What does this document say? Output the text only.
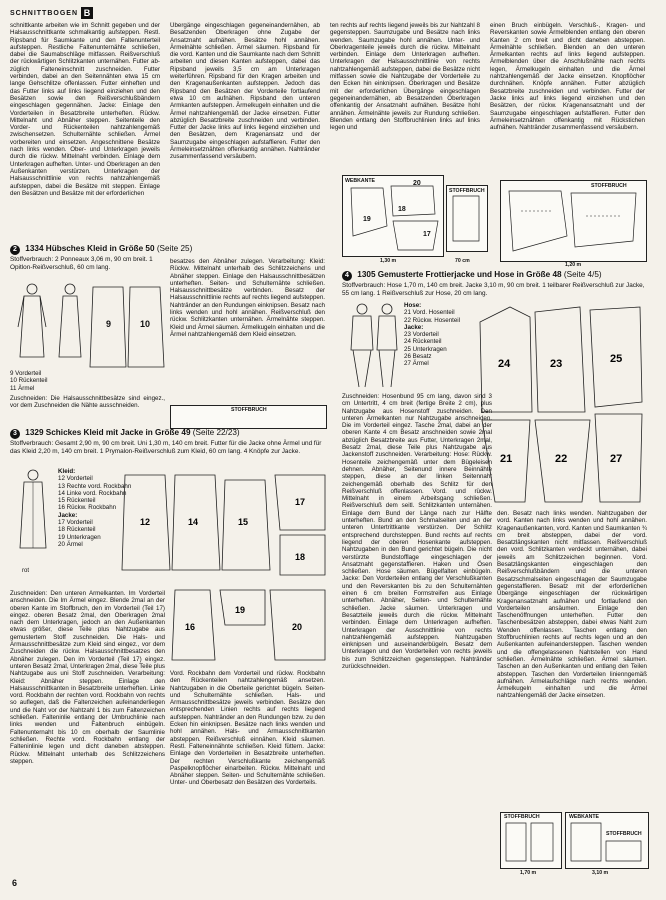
SCHNITTBOGEN B
schnittkante arbeiten wie im Schnitt gegeben und der Halsausschnittkante schmalkantig aufsteppen. Restl. Ripsband für Saumkante und den Faltenunterteil aufsteppen. Restliche Faltenunternähte schließen, dabei die Saumabschläge mitfassen. Reißverschluß der rückwärtigen Schlitzkanten unternähen. Futter ab-züglich Falteneinschnitt zuschneiden. Futter verbinden, dabei an den Seitennähten etwa 15 cm lange Gehschlitze offenlassen. Futter einheften und das Futter links auf links liegend einziehen und den Besätzen sowie den Reißverschlußbändern eingeschlagen gegennähen. Jacke: Einlage den Vorderteilen in Besatzbreite unterheften. Rückw. Mittelnaht und Abnäher steppen. Seitenteile den Vorder- und Rückenteilen nahtzahlengemäß zwischensetzen. Schulternähte schließen. Ärmel vorbereiten und einsetzen. Angeschnittene Besätze nach links wenden. Ober- und Unterkragen jeweils durch die rückw. Mittelnaht verbinden. Einlage dem Unterkragen aufheften. Unter- und Oberkragen an den Außenkanten verstürzen. Unterkragen der Halsausschnittlinie von rechts nahtzahlengemäß aufsteppen, dabei die Besätze mit steppen. Einlage den Besätzen und Besätze mit der erforderlichen
Übergänge eingeschlagen gegeneinandernähen, ab Besatzenden Oberkragen ohne Zugabe der Ansatznaht aufnähen. Besätze hohl annähen. Ärmelnähte schließen. Ärmel säumen. Ripsband für die vord. Kanten und die Saumkante nach dem Schnitt arbeiten und diesen Kanten aufsteppen, dabei das Ripsband jeweils 3,5 cm am Unterkragen weiterführen. Ripsband für den Kragen arbeiten und den Kragenaußenkanten aufsteppen. Jedoch das Ripsband den Besätzen der Vorderteile fortlaufend etwa 10 cm aufnähen. Ripsband den unteren Armkanten aufsteppen. Ärmelkugeln einhalten und die Ärmel nahtzahlengemäß der Jacke einsetzen. Futter abzüglich Besatzbreite zuschneiden und verbinden. Futter der Jacke links auf links liegend einziehen und den Besätzen, dem Kragenansatz und der Saumzugabe eingeschlagen aufstaffieren. Futter den Ärmeleinsetznähten offenkantig annähen. Nahtränder zusammenfassend versäubern.
ten rechts auf rechts liegend jeweils bis zur Nahtzahl 8 gegensteppen. Saumzugabe und Besätze nach links wenden. Saumzugabe hohl annähen. Unter- und Oberkragenteile jeweils durch die rückw. Mittelnaht verbinden. Einlage dem Unterkragen aufheften. Unterkragen der Halsausschnittlinie von rechts nahtzahlengemäß aufsteppen, dabei die Besätze nicht mitfassen sowie die Nahtzugabe der Vorderteile zu den Ecken hin einknipsen. Oberkragen und Besätze mit der erforderlichen Übergänge eingeschlagen gegeneinandernähen, ab Besatzenden Oberkragen offenkantig der Ansatznaht aufnähen. Besätze hohl annähen. Ärmelnähte jeweils zur Rundung schließen. Blenden entlang den Stoffbruchlinien links auf links legen und
einen Bruch einbügeln. Verschluß-, Kragen- und Reverskanten sowie Ärmelblenden entlang den oberen Kanten 2 cm breit und dicht daneben absteppen. Ärmelnähte schließen. Blenden an den unteren Ärmelkanten rechts auf links liegend aufsteppen. Ärmelblenden über die Anschlußnähte nach rechts legen, Ärmelkugeln einhalten und die Ärmel nahtzahlengemäß der Jacke einsetzen. Knopflöcher durchnähen. Knöpfe annähen. Futter abzüglich Besatzbreite zuschneiden und verbinden. Futter der Jacke links auf links liegend einziehen und den Besätzen, der rückw. Kragenansatznaht und der Saumzugabe eingeschlagen aufstaffieren. Futter den Ärmeleinsetznähten offenkantig mit Rückstichen aufnähen. Nahtränder zusammenfassend versäubern.
WEBKANTE	20
19
18
17
STOFFBRUCH
1,30 m	70 cm
STOFFBRUCH
1,20 m
2 1334 Hübsches Kleid in Größe 50 (Seite 25)
Stoffverbrauch: 2 Ponneaux 3,06 m, 90 cm breit. 1 Opitlon-Reißverschluß, 60 cm lang.
9	10
9 Vorderteil
10 Rückenteil
11 Ärmel
Zuschneiden: Die Halsausschnittbesätze sind eingez., vor dem Zuschneiden die Nähte ausschneiden.
besatzes den Abnäher zulegen. Verarbeitung: Kleid: Rückw. Mittelnaht unterhalb des Schlitzzeichens und Abnäher steppen. Einlage den Halsausschnittbesätzen unterheften. Seiten- und Schulternähte schließen. Halsausschnittbesätze verbinden. Besatz der Halsausschnittlinie rechts auf rechts liegend aufsteppen. Nahtränder an den Rundungen einknipsen. Besatz nach links wenden und hohl annähen. Reißverschluß den rückw. Schlitzkanten unternähen. Ärmelnähte steppen. Kleid und Ärmel säumen. Ärmelkugeln einhalten und die Ärmel nahtzahlengemäß dem Kleid einsetzen.
STOFFBRUCH
3 1329 Schickes Kleid mit Jacke in Größe 49 (Seite 22/23)
Stoffverbrauch: Gesamt 2,90 m, 90 cm breit. Uni 1,30 m, 140 cm breit. Futter für die Jacke ohne Ärmel und für das Kleid 2,20 m, 140 cm breit. 1 Prymalon-Reißverschluß zum Kleid, 60 cm lang. 4 Knöpfe zur Jacke.
Kleid:
12 Vorderteil
13 Rechte vord. Rockbahn
14 Linke vord. Rockbahn
15 Rückenteil
16 Rückw. Rockbahn
Jacke:
17 Vorderteil
18 Rückenteil
19 Unterkragen
20 Ärmel
rot
12	14	15
17
18
Zuschneiden: Den unteren Armelkanten. Im Vorderteil anschneiden. Die Im Ärmel eingez. Blende 2mal an der oberen Kante im Stoffbruch, den im Vorderteil (Teil 17) eingez. oberen Besatz 2mal, den Oberkragen 2mal nach dem Unterkragen, jedoch an den Außenkanten etwas größer, diese Teile plus Nahtzugabe aus gemustertem Stoff zuschneiden. Die Hals- und Armausschnittbesätze zum Kleid sind eingez., vor dem Zuschneiden die rückw. Halsausschnittbesatzes den Abnäher zulegen. Den im Vorderteil (Teil 17) eingez. unteren Besatz 2mal, Unterkragen 2mal, diese Teile plus Nahtzugabe aus uni Stoff zuschneiden. Verarbeitung: Kleid: Abnäher steppen. Einlage den Halsausschnittkanten in Besatzbreite unterheften. Linke vord. Rockbahn der rechten vord. Rockbahn von rechts so auflegen, daß die Faltenzeichen aufeinanderliegen und die Naht vor der Nahtzahl 1 bis zum Faltenzeichen schließen. Falteninlie entlang der Umbruchlinie nach links wenden und Faltenbruch einbügeln. Faltenunternaht bis 10 cm oberhalb der Saumlinie schließen. Rechte vord. Rockbahn entlang der Falteninlinie legen und dicht daneben absteppen. Rückw. Mittelnaht unterhalb des Schlitzzeichens steppen.
16
19
20
Vord. Rockbahn dem Vorderteil und rückw. Rockbahn den Rückenteilen nahtzahlengemäß ansetzen. Nahtzugaben in die Oberteile gerichtet bügeln. Seiten- und Schulternähte schließen. Hals- und Armausschnittbesätze jeweils verbinden. Besätze den entsprechenden Linien rechts auf rechts liegend aufsteppen. Nahtränder an den Rundungen bzw. zu den Ecken hin einknipsen. Besätze nach links wenden und hohl annähen. Hals- und Armausschnittkanten absteppen. Reißverschluß einnähen. Kleid säumen. Restl. Falteneinnähnte schließen. Kleid füttern. Jacke: Einlage den Vorderteilen in Besatzbreite unterheften. Der rechten Verschlußkante zeichengemäß Paspelknopflöcher einarbeiten. Rückw. Mittelnaht und Abnäher steppen. Seiten- und Schulternähte schließen. Unter- und Oberbesatz den Besätzen des Vorderteils.
4 1305 Gemusterte Frottierjacke und Hose in Größe 48 (Seite 4/5)
Stoffverbrauch: Hose 1,70 m, 140 cm breit. Jacke 3,10 m, 90 cm breit. 1 teilbarer Reißverschluß zur Jacke, 55 cm lang. 1 Reißverschluß zur Hose, 20 cm lang.
Hose:
21 Vord. Hosenteil
22 Rückw. Hosenteil
Jacke:
23 Vorderteil
24 Rückenteil
25 Unterkragen
26 Besatz
27 Ärmel
Zuschneiden: Hosenbund 95 cm lang, davon sind 3 cm Untertritt, 4 cm breit (fertige Breite 2 cm), plus Nahtzugabe aus Hosenstoff zuschneiden. Den unteren Ärmelkanten nur Nahtzugabe anschneiden. Die im Vorderteil eingez. Tasche 2mal, dabei an der oberen Kante 4 cm Besatz anschneiden sowie 2mal abzüglich Besatzbreite aus Futter, Unterkragen 2mal, Besatz 2mal, diese Teile plus Nahtzugabe aus Jackenstoff zuschneiden. Verarbeitung: Hose: Rückw. Hosenteile zeichengemäß unter dem Bügeleisen dehnen. Abnäher, Seitenund innere Beinnähte steppen, diese an der linken Seitennaht zeichengemäß oberhalb des Schlitz für den Reißverschluß offenlassen. Vord. und rückw. Mittelnaht in einem Arbeitsgang schließen. Reißverschluß dem seitl. Schlitzkanten unternähen. Einlage dem Bund der Länge nach zur Hälfte unterheften. Bund an den Schmalseiten und an der unteren Untertrittkante verstürzen. Der Schlitz entsprechend durchsteppen. Bund rechts auf rechts liegend der oberen Hosenkante aufsteppen. Nahtzugaben in den Bund gerichtet bügeln. Die nicht verstürzte Bundstofflage eingeschlagen der Ansatznaht gegenstaffieren. Haken und Ösen schließen. Hose säumen. Bügelfalten einbügeln. Jacke: Den Vorderteilen entlang der Verschlußkanten und den Reverskanten bis zu den Schulternähten einen 6 cm breiten Formstreifen aus Einlage unterheften. Abnäher, Seiten- und Schulternähte schließen. Jacke säumen. Unterkragen und Besatzteile jeweils durch die rückw. Mittelnaht verbinden. Einlage dem Unterkragen aufheften. Unterkragen der Ausschnittlinie von rechts nahtzahlengemäß aufsteppen. Nahtzugaben einknipsen und auseinanderbügeln. Besatz dem Unterkragen und den Vorderteilen von rechts jeweils bis zum Schlitzzeichen gegensteppen. Nahtränder zurückschneiden.
24	23	25
21	22	27
den. Besatz nach links wenden. Nahtzugaben der vord. Kanten nach links wenden und hohl annähen. Kragenaußenkanten, vord. Kanten und Saumkanten ¾ cm breit absteppen, dabei der vord. Besatzlängskanten nicht mitfassen. Reißverschluß den vord. Schlitzkanten verdeckt unternähen, dabei jeweils am Schlitzzeichen beginnen. Vord. Besatzlängskanten eingeschlagen den Reißverschlußbändern und die unteren Besatzschmalseiten eingeschlagen der Saumzugabe gegenstaffieren. Besatz mit der erforderlichen Übergänge eingeschlagen der rückwärtigen Kragenansatznaht aufnähen und fortlaufend den Vorderteilen ansäumen. Einlage den Taschenöffnungen unterheften. Futter den Taschenbesätzen absteppen, dabei etwas Naht zum Wenden offenlassen. Taschen entlang den Stoffbruchlinien rechts auf rechts legen und an den Außenkanten aufeinandersteppen. Taschen wenden und die offengelassenen Nahtstellen von Hand schließen. Ärmelnähte schließen. Ärmel säumen. Taschen an den Außenkanten und entlang den Teilen absteppen. Taschen den Vorderteilen linienngemäß aufnähen. Ärmelaufschläge nach rechts wenden. Ärmelkugeln einhalten und die Ärmel nahtzahlengemäß der Jacke einsetzen.
STOFFBRUCH
1,70 m
WEBKANTE
STOFFBRUCH
3,10 m
6
